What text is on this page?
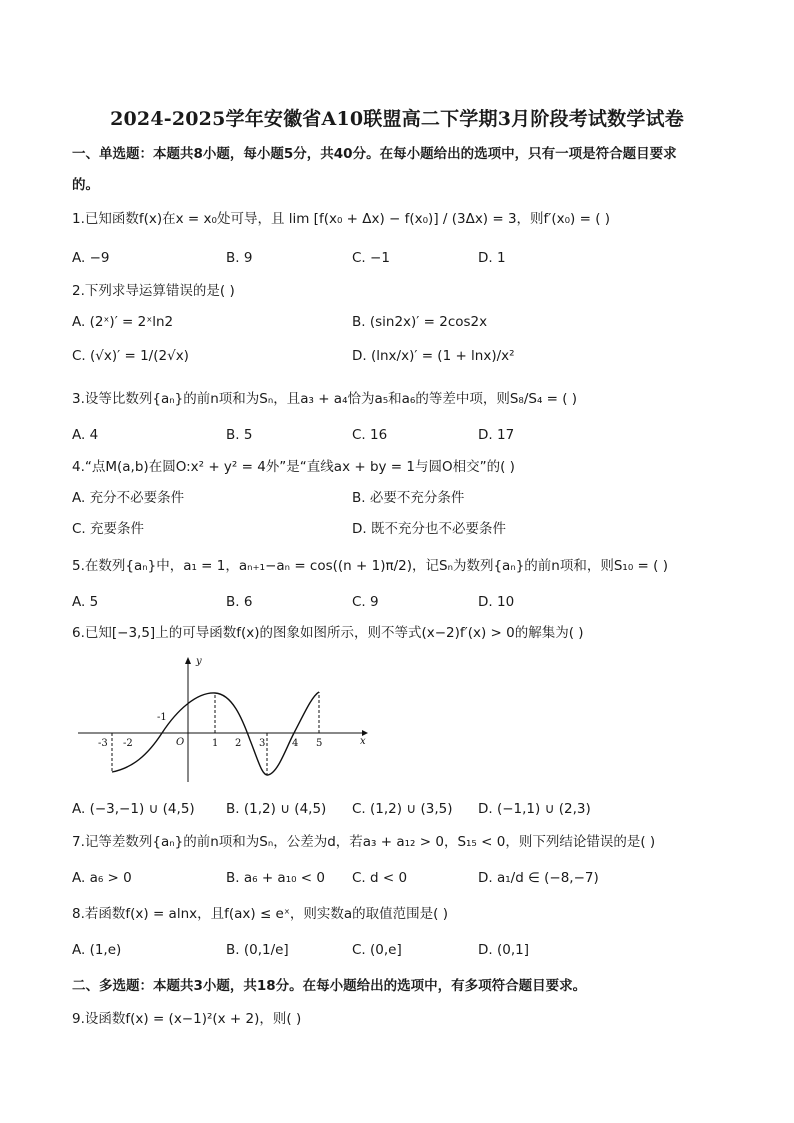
2024-2025学年安徽省A10联盟高二下学期3月阶段考试数学试卷
一、单选题：本题共8小题，每小题5分，共40分。在每小题给出的选项中，只有一项是符合题目要求
的。
1.已知函数f(x)在x = x₀处可导，且 lim [f(x₀ + Δx) − f(x₀)] / (3Δx) = 3，则f′(x₀) = ( )
A. −9	B. 9	C. −1	D. 1
2.下列求导运算错误的是( )
A. (2ˣ)′ = 2ˣln2	B. (sin2x)′ = 2cos2x
C. (√x)′ = 1/(2√x)	D. (lnx/x)′ = (1 + lnx)/x²
3.设等比数列{aₙ}的前n项和为Sₙ，且a₃ + a₄恰为a₅和a₆的等差中项，则S₈/S₄ = ( )
A. 4	B. 5	C. 16	D. 17
4.“点M(a,b)在圆O:x² + y² = 4外”是“直线ax + by = 1与圆O相交”的( )
A. 充分不必要条件	B. 必要不充分条件
C. 充要条件	D. 既不充分也不必要条件
5.在数列{aₙ}中，a₁ = 1，aₙ₊₁−aₙ = cos((n + 1)π/2)，记Sₙ为数列{aₙ}的前n项和，则S₁₀ = ( )
A. 5	B. 6	C. 9	D. 10
6.已知[−3,5]上的可导函数f(x)的图象如图所示，则不等式(x−2)f′(x) > 0的解集为( )
x
y
O
-3 -2
-1
1 2 3	4 5
A. (−3,−1) ∪ (4,5) B. (1,2) ∪ (4,5) C. (1,2) ∪ (3,5) D. (−1,1) ∪ (2,3)
7.记等差数列{aₙ}的前n项和为Sₙ，公差为d，若a₃ + a₁₂ > 0，S₁₅ < 0，则下列结论错误的是( )
A. a₆ > 0	B. a₆ + a₁₀ < 0 C. d < 0	D. a₁/d ∈ (−8,−7)
8.若函数f(x) = alnx，且f(ax) ≤ eˣ，则实数a的取值范围是( )
A. (1,e)	B. (0,1/e]	C. (0,e]	D. (0,1]
二、多选题：本题共3小题，共18分。在每小题给出的选项中，有多项符合题目要求。
9.设函数f(x) = (x−1)²(x + 2)，则( )
